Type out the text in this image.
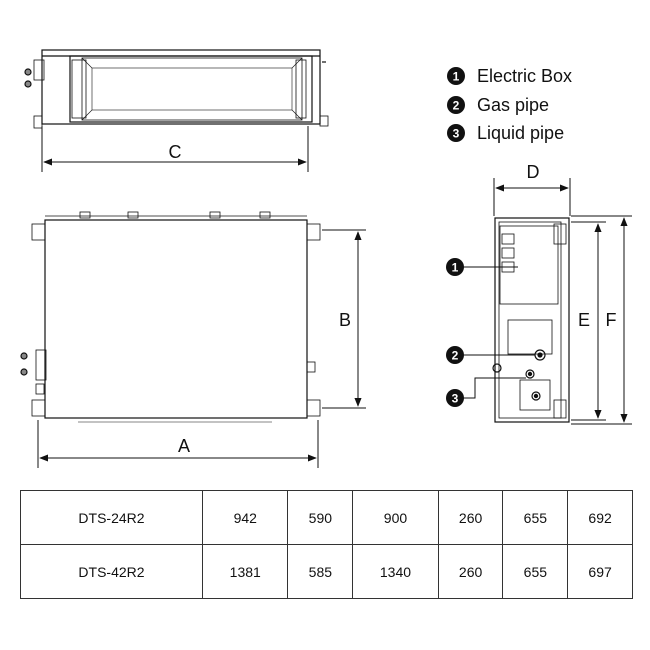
C
B
A
D
E F
1
2
3
1 Electric Box
2 Gas pipe
3 Liquid pipe
DTS-24R2	942	590	900	260	655	692
DTS-42R2	1381	585	1340	260	655	697
